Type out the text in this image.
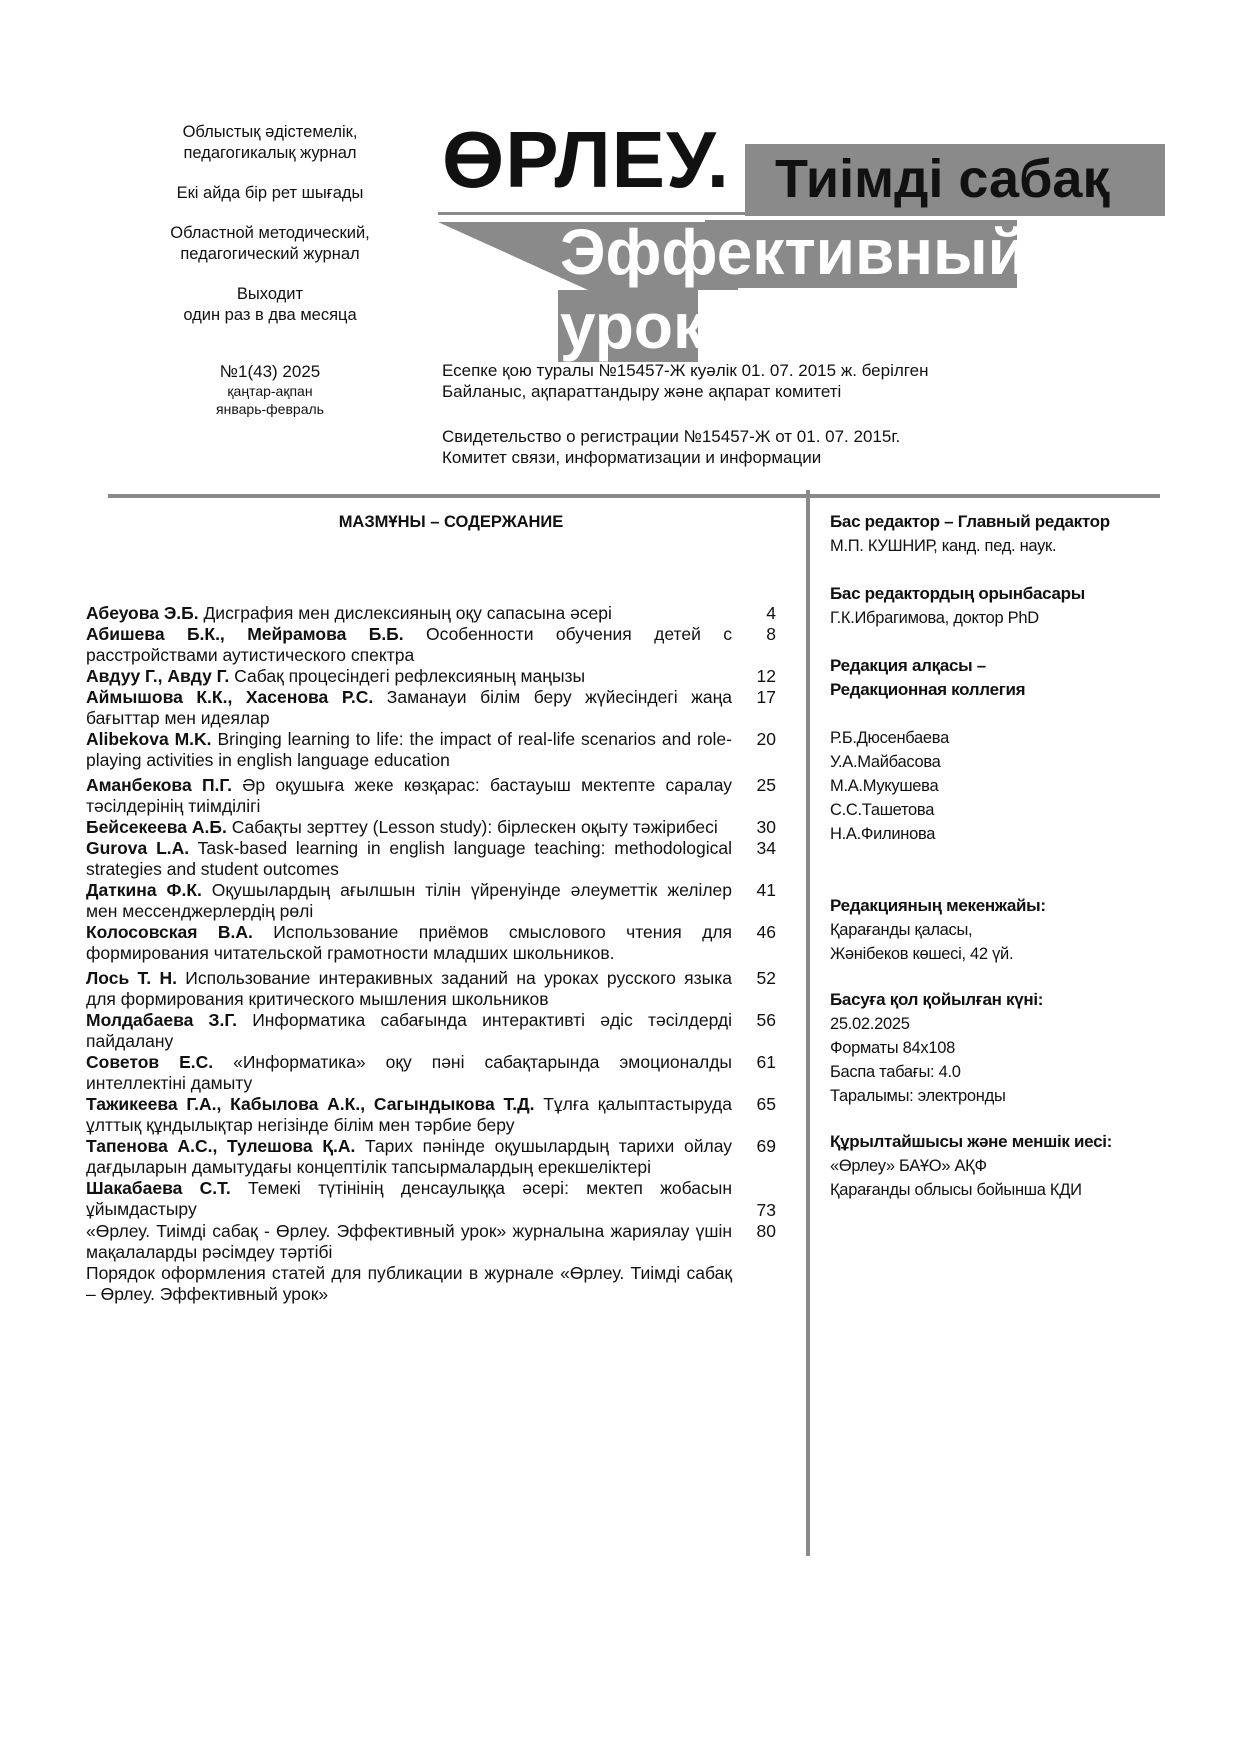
Облыстық әдістемелік,
педагогикалық журнал
Екі айда бір рет шығады
Областной методический,
педагогический журнал
Выходит
один раз в два месяца
№1(43) 2025
қаңтар-ақпан
январь-февраль
ӨРЛЕУ. Тиімді сабақ
Эффективный
урок
Есепке қою туралы №15457-Ж куәлік 01. 07. 2015 ж. берілген
Байланыс, ақпараттандыру және ақпарат комитеті
Свидетельство о регистрации №15457-Ж от 01. 07. 2015г.
Комитет связи, информатизации и информации
МАЗМҰНЫ – СОДЕРЖАНИЕ
Абеуова Э.Б. Дисграфия мен дислексияның оқу сапасына әсері	4
Абишева Б.К., Мейрамова Б.Б. Особенности обучения детей с расстройствами аутистического спектра
8
Авдуу Г., Авду Г. Сабақ процесіндегі рефлексияның маңызы	12
Аймышова К.К., Хасенова Р.С. Заманауи білім беру жүйесіндегі жаңа бағыттар мен идеялар
17
Alibekova M.K. Bringing learning to life: the impact of real-life scenarios and role-playing activities in english language education
20
Аманбекова П.Г. Әр оқушыға жеке көзқарас: бастауыш мектепте саралау тәсілдерінің тиімділігі
25
Бейсекеева А.Б. Сабақты зерттеу (Lesson study): бірлескен оқыту тәжірибесі	30
Gurova L.A. Task-based learning in english language teaching: methodological strategies and student outcomes
34
Даткина Ф.К. Оқушылардың ағылшын тілін үйренуінде әлеуметтік желілер мен мессенджерлердің рөлі
41
Колосовская В.А. Использование приёмов смыслового чтения для формирования читательской грамотности младших школьников.
46
Лось Т. Н. Использование интеракивных заданий на уроках русского языка для формирования критического мышления школьников
52
Молдабаева З.Г. Информатика сабағында интерактивті әдіс тәсілдерді пайдалану
56
Советов Е.С. «Информатика» оқу пәні сабақтарында эмоционалды интеллектіні дамыту
61
Тажикеева Г.А., Кабылова А.К., Сагындыкова Т.Д. Тұлға қалыптастыруда ұлттық құндылықтар негізінде білім мен тәрбие беру
65
Тапенова А.С., Тулешова Қ.А. Тарих пәнінде оқушылардың тарихи ойлау дағдыларын дамытудағы концептілік тапсырмалардың ерекшеліктері
69
Шакабаева С.Т. Темекі түтінінің денсаулыққа әсері: мектеп жобасын ұйымдастыру	73
«Өрлеу. Тиімді сабақ - Өрлеу. Эффективный урок» журналына жариялау үшін мақалаларды рәсімдеу тәртібі
80
Порядок оформления статей для публикации в журнале «Өрлеу. Тиімді сабақ – Өрлеу. Эффективный урок»
Бас редактор – Главный редактор
М.П. КУШНИР, канд. пед. наук.
Бас редактордың орынбасары
Г.К.Ибрагимова, доктор PhD
Редакция алқасы –
Редакционная коллегия
Р.Б.Дюсенбаева
У.А.Майбасова
М.А.Мукушева
С.С.Ташетова
Н.А.Филинова
Редакцияның мекенжайы:
Қарағанды қаласы,
Жәнібеков көшесі, 42 үй.
Басуға қол қойылған күні:
25.02.2025
Форматы 84х108
Баспа табағы: 4.0
Таралымы: электронды
Құрылтайшысы және меншік иесі:
«Өрлеу» БАҰО» АҚФ
Қарағанды облысы бойынша КДИ
